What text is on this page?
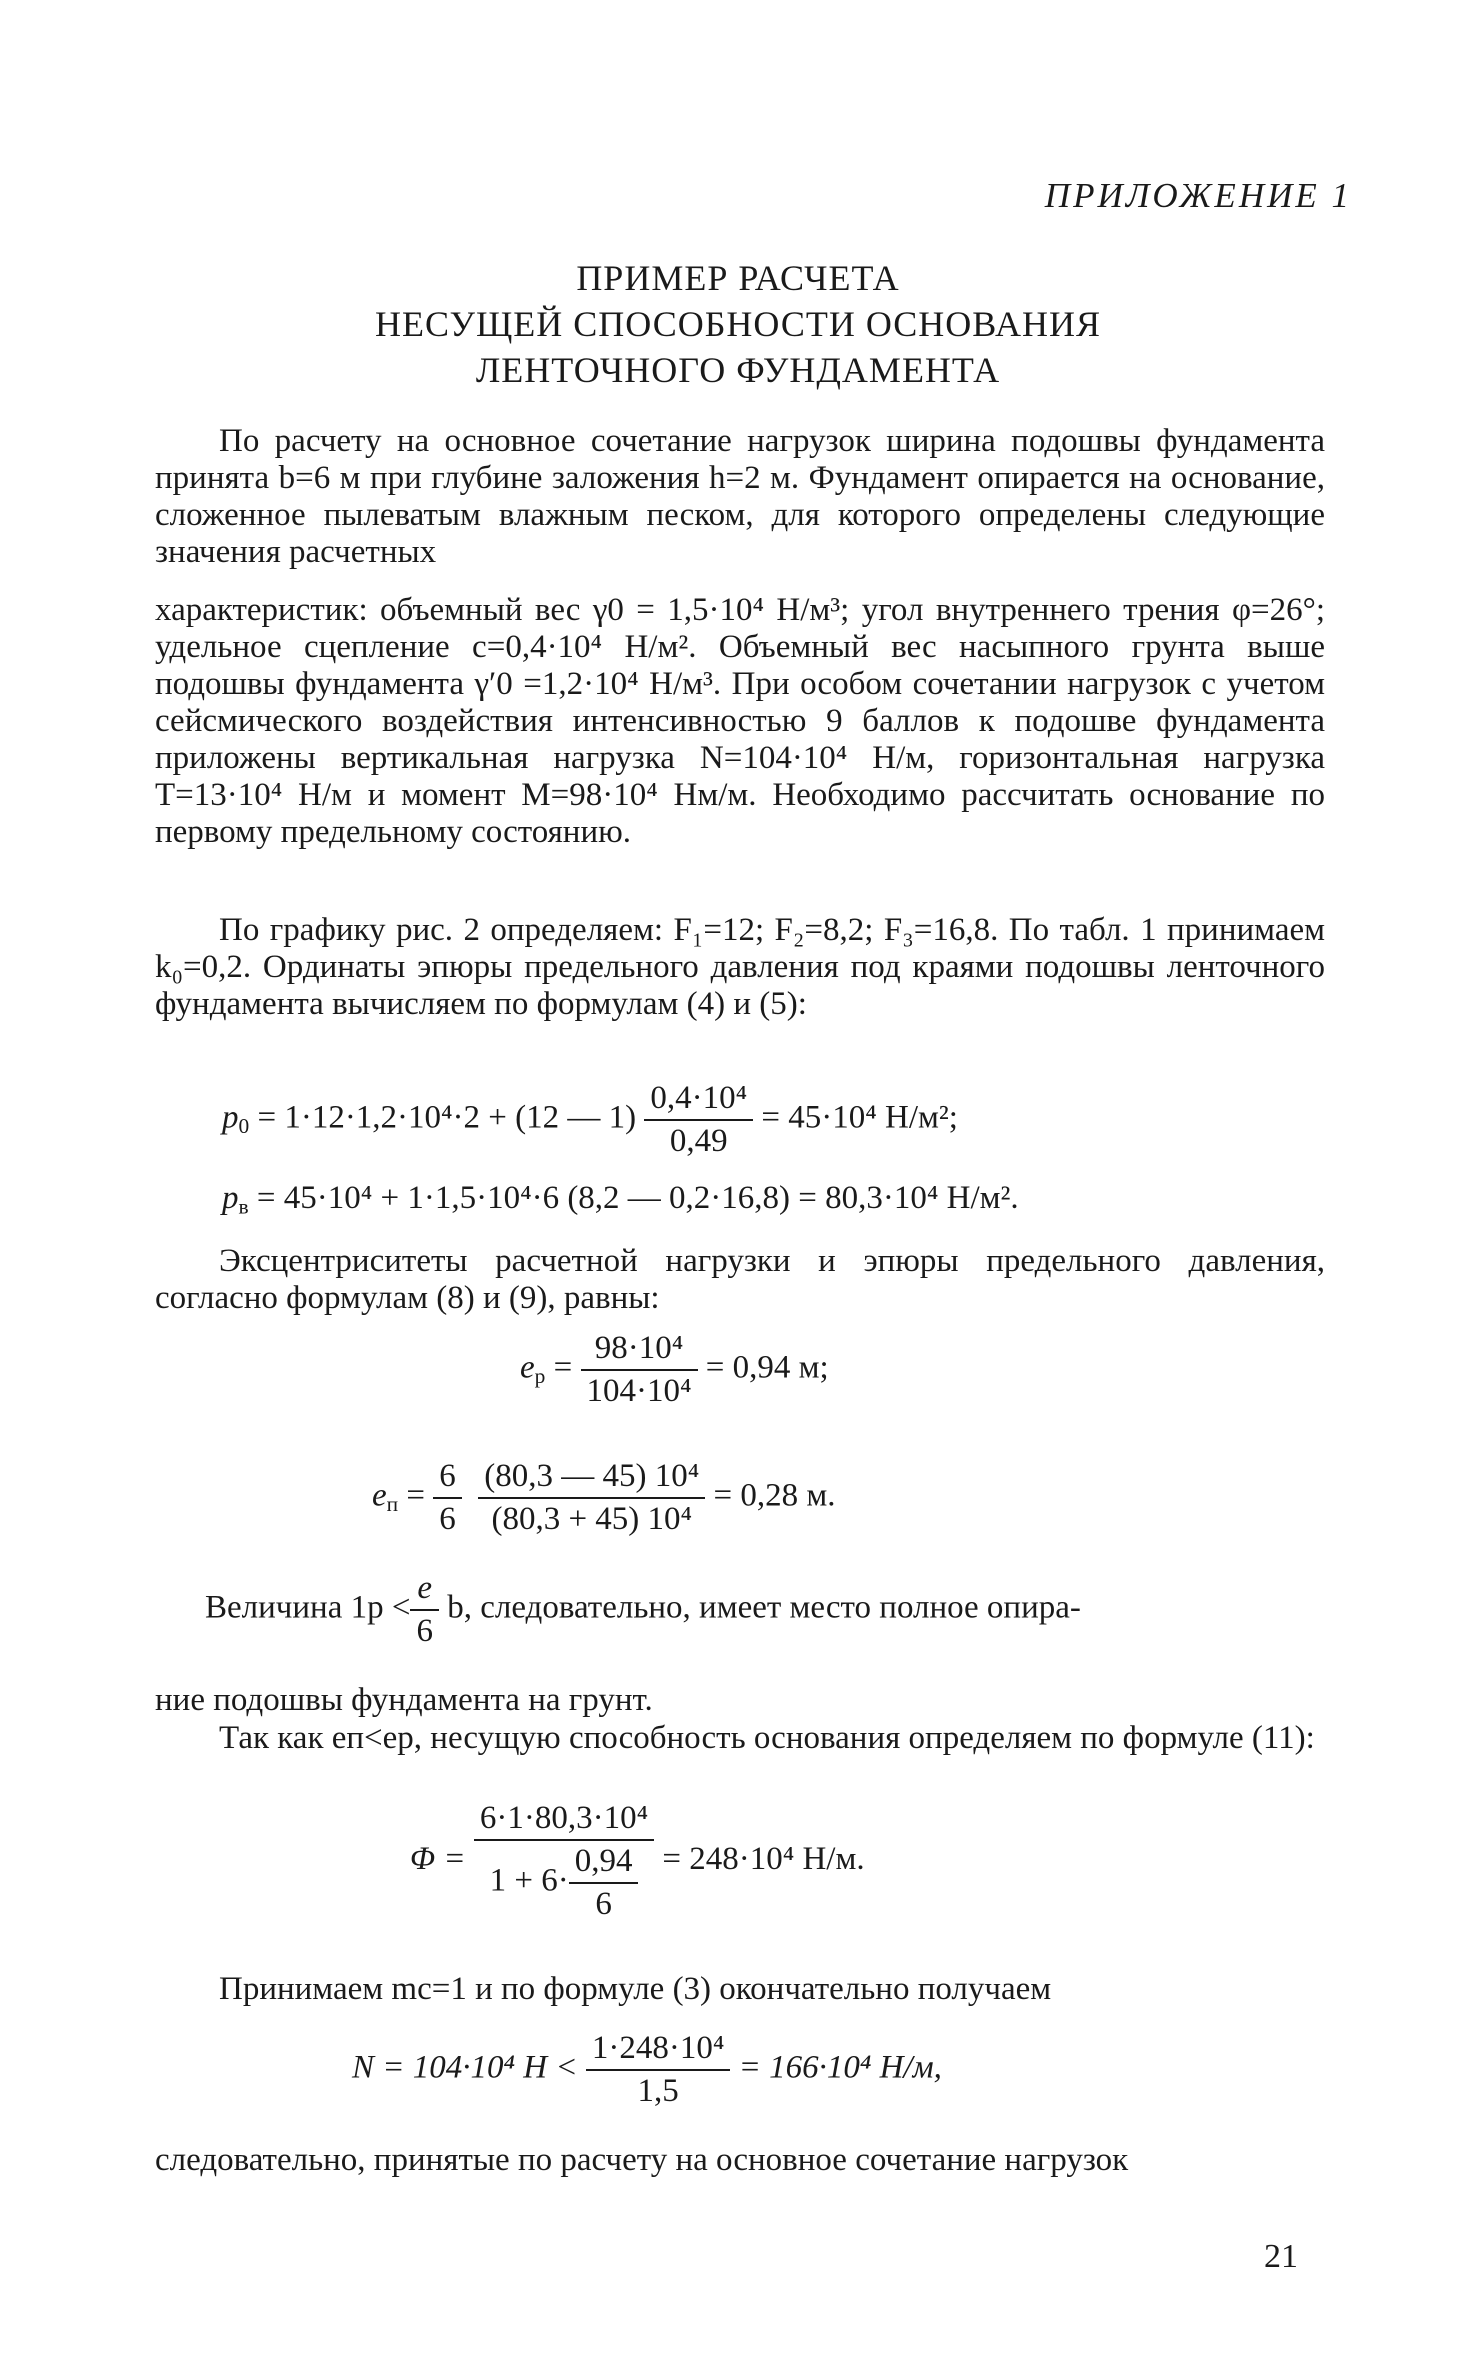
ПРИЛОЖЕНИЕ 1
ПРИМЕР РАСЧЕТА
НЕСУЩЕЙ СПОСОБНОСТИ ОСНОВАНИЯ
ЛЕНТОЧНОГО ФУНДАМЕНТА
По расчету на основное сочетание нагрузок ширина подошвы фундамента принята b=6 м при глубине заложения h=2 м. Фундамент опирается на основание, сложенное пылеватым влажным песком, для которого определены следующие значения расчетных
характеристик: объемный вес γ0 = 1,5·10⁴ Н/м³; угол внутреннего трения φ=26°; удельное сцепление c=0,4·10⁴ Н/м². Объемный вес насыпного грунта выше подошвы фундамента γ′0 =1,2·10⁴ Н/м³. При особом сочетании нагрузок с учетом сейсмического воздействия интенсивностью 9 баллов к подошве фундамента приложены вертикальная нагрузка N=104·10⁴ Н/м, горизонтальная нагрузка T=13·10⁴ Н/м и момент M=98·10⁴ Нм/м. Необходимо рассчитать основание по первому предельному состоянию.
По графику рис. 2 определяем: F₁=12; F₂=8,2; F₃=16,8. По табл. 1 принимаем k₀=0,2. Ординаты эпюры предельного давления под краями подошвы ленточного фундамента вычисляем по формулам (4) и (5):
$p_0 = 1\cdot 12\cdot 1,2\cdot 10^4\cdot 2 + (12$ — $1) \frac{\text{0,4·10⁴}}{0,49} = 45\cdot 10^4$ Н/м²;
$p_в = 45\cdot 10^4 + 1\cdot 1,5\cdot 10^4\cdot 6$ (8,2 — 0,2·16,8) = 80,3·10⁴ Н/м².
Эксцентриситеты расчетной нагрузки и эпюры предельного давления, согласно формулам (8) и (9), равны:
$e_р = \frac{\text{98·10⁴}}{\text{104·10⁴}} = 0,94$ м;
$e_п = \frac{6}{6}$
$\frac{\text{(80,3 — 45) 10⁴}}{\text{(80,3 + 45) 10⁴}} = 0,28$ м.
Величина $1р < \frac{e}{6} b$, следовательно, имеет место полное опира-
ние подошвы фундамента на грунт.
Так как eп<eр, несущую способность основания определяем по формуле (11):
$\Phi = \frac{\text{6·1·80,3·10⁴}}{1 + 6\cdot \frac{0,94}{6}} = 248\cdot 10^4$ Н/м.
Принимаем mc=1 и по формуле (3) окончательно получаем
N = 104·10⁴ $Н < \frac{\text{1·248·10⁴}}{1,5} = 166\cdot 10^4$ Н/м,
следовательно, принятые по расчету на основное сочетание нагрузок
21
